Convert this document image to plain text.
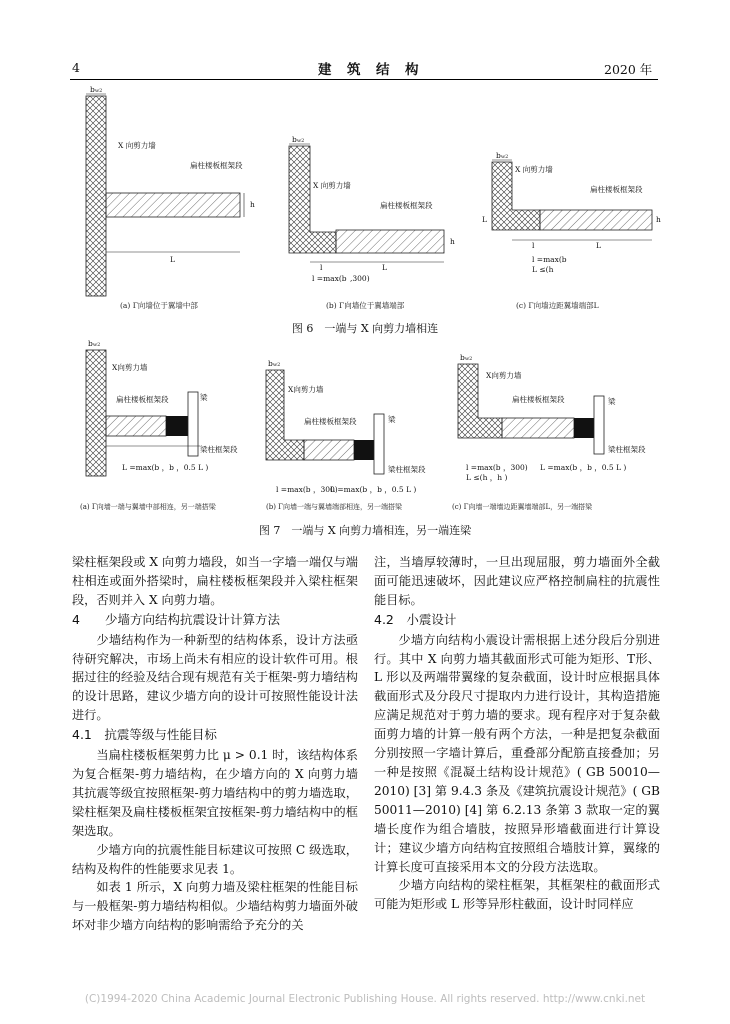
4	建　筑　结　构	2020 年
bw2
X 向剪力墙
扁柱楼板框架段
h
L
bw2
X 向剪力墙
扁柱楼板框架段
h
l	L
l =max(b ,300)
bw2
X 向剪力墙
扁柱楼板框架段
h
L
l	L
l =max(b
L ≤(h
bw2
X向剪力墙
扁柱楼板框架段	梁
梁柱框架段
L =max(b ，b ，0.5 L )
bw2
X向剪力墙
扁柱楼板框架段	梁
梁柱框架段
l =max(b ，300)
L =max(b ，b ，0.5 L )
bw2
X向剪力墙
扁柱楼板框架段	梁
梁柱框架段
l =max(b ，300)
L ≤(h ，h )
L =max(b ，b ，0.5 L )
(a) Γ向墙位于翼墙中部	(b) Γ向墙位于翼墙端部	(c) Γ向墙边距翼墙端部L
图 6　一端与 X 向剪力墙相连
(a) Γ向墙一端与翼墙中部相连，另一端搭梁	(b) Γ向墙一端与翼墙端部相连，另一端搭梁	(c) Γ向墙一端墙边距翼墙端部L，另一端搭梁
图 7　一端与 X 向剪力墙相连，另一端连梁

梁柱框架段或 X 向剪力墙段，如当一字墙一端仅与端柱相连或面外搭梁时，扁柱楼板框架段并入梁柱框架段，否则并入 X 向剪力墙。

4　　少墙方向结构抗震设计计算方法

少墙结构作为一种新型的结构体系，设计方法亟待研究解决，市场上尚未有相应的设计软件可用。根据过往的经验及结合现有规范有关于框架-剪力墙结构的设计思路，建议少墙方向的设计可按照性能设计法进行。

4.1　抗震等级与性能目标

当扁柱楼板框架剪力比 μ > 0.1 时，该结构体系为复合框架-剪力墙结构，在少墙方向的 X 向剪力墙其抗震等级宜按照框架-剪力墙结构中的剪力墙选取，梁柱框架及扁柱楼板框架宜按框架-剪力墙结构中的框架选取。

少墙方向的抗震性能目标建议可按照 C 级选取，结构及构件的性能要求见表 1。

如表 1 所示，X 向剪力墙及梁柱框架的性能目标与一般框架-剪力墙结构相似。少墙结构剪力墙面外破坏对非少墙方向结构的影响需给予充分的关

注，当墙厚较薄时，一旦出现屈服，剪力墙面外全截面可能迅速破坏，因此建议应严格控制扁柱的抗震性能目标。

4.2　小震设计

少墙方向结构小震设计需根据上述分段后分别进行。其中 X 向剪力墙其截面形式可能为矩形、T形、L 形以及两端带翼缘的复杂截面，设计时应根据具体截面形式及分段尺寸提取内力进行设计，其构造措施应满足规范对于剪力墙的要求。现有程序对于复杂截面剪力墙的计算一般有两个方法，一种是把复杂截面分别按照一字墙计算后，重叠部分配筋直接叠加；另一种是按照《混凝土结构设计规范》( GB 50010—2010) [3] 第 9.4.3 条及《建筑抗震设计规范》( GB 50011—2010) [4] 第 6.2.13 条第 3 款取一定的翼墙长度作为组合墙肢，按照异形墙截面进行计算设计；建议少墙方向结构宜按照组合墙肢计算，翼缘的计算长度可直接采用本文的分段方法选取。

少墙方向结构的梁柱框架，其框架柱的截面形式可能为矩形或 L 形等异形柱截面，设计时同样应

(C)1994-2020 China Academic Journal Electronic Publishing House. All rights reserved. http://www.cnki.net
